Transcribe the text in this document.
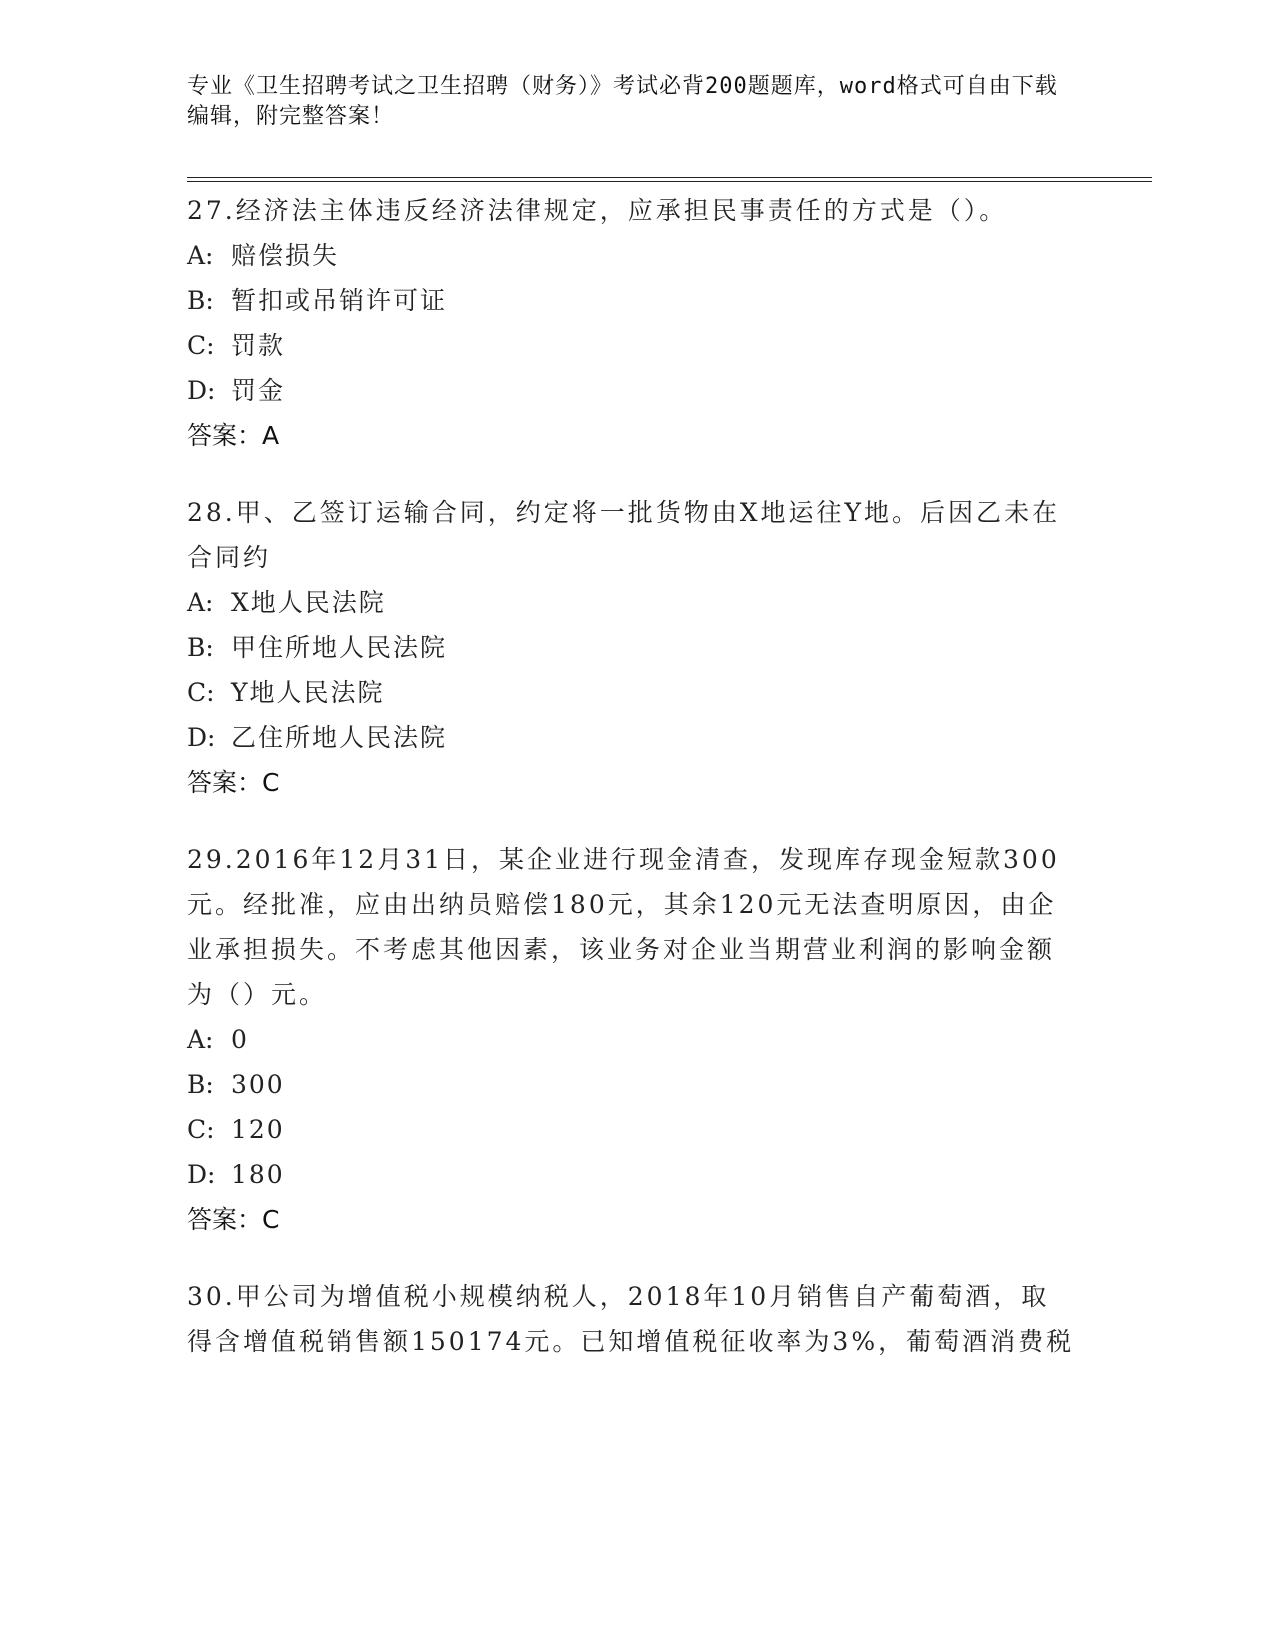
专业《卫生招聘考试之卫生招聘（财务）》考试必背200题题库，word格式可自由下载编辑，附完整答案！
27.经济法主体违反经济法律规定，应承担民事责任的方式是（）。
A: 赔偿损失
B: 暂扣或吊销许可证
C: 罚款
D: 罚金
答案：A
28.甲、乙签订运输合同，约定将一批货物由X地运往Y地。后因乙未在合同约
A: X地人民法院
B: 甲住所地人民法院
C: Y地人民法院
D: 乙住所地人民法院
答案：C
29.2016年12月31日，某企业进行现金清查，发现库存现金短款300元。经批准，应由出纳员赔偿180元，其余120元无法查明原因，由企业承担损失。不考虑其他因素，该业务对企业当期营业利润的影响金额为（）元。
A: 0
B: 300
C: 120
D: 180
答案：C
30.甲公司为增值税小规模纳税人，2018年10月销售自产葡萄酒，取得含增值税销售额150174元。已知增值税征收率为3%，葡萄酒消费税
